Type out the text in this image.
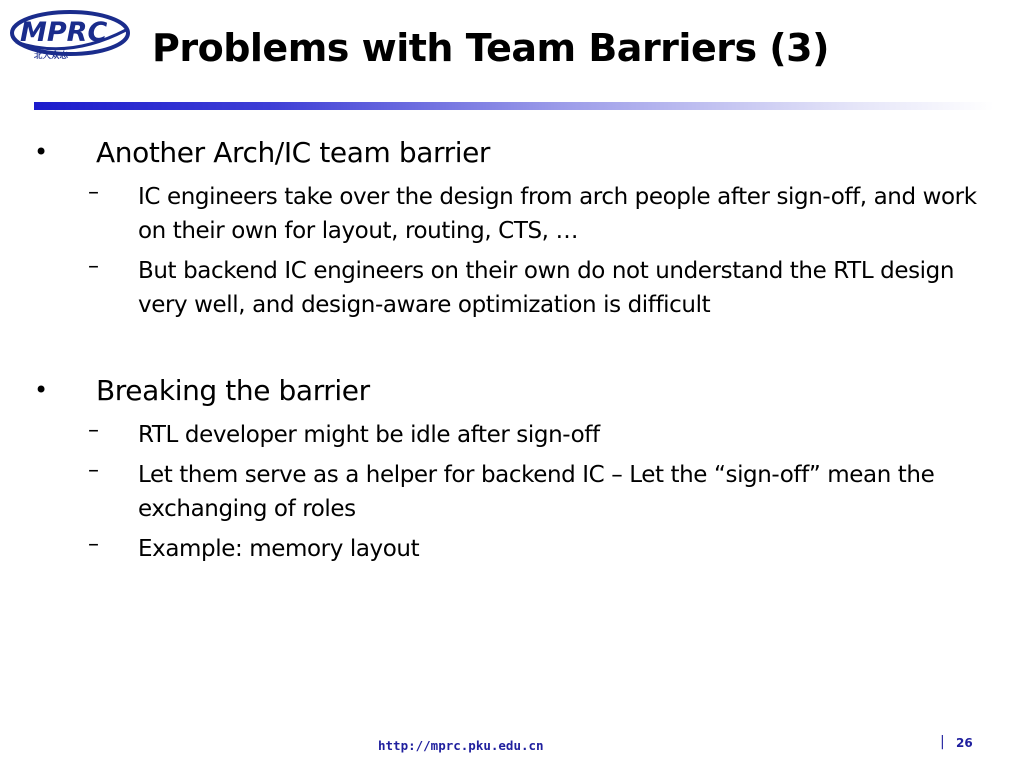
MPRC
北大众志 Problems with Team Barriers (3)
• Another Arch/IC team barrier
– IC engineers take over the design from arch people after sign-off, and work on their own for layout, routing, CTS, …
– But backend IC engineers on their own do not understand the RTL design very well, and design-aware optimization is difficult
• Breaking the barrier
– RTL developer might be idle after sign-off
– Let them serve as a helper for backend IC – Let the “sign-off” mean the exchanging of roles
– Example: memory layout
http://mprc.pku.edu.cn	| 26
